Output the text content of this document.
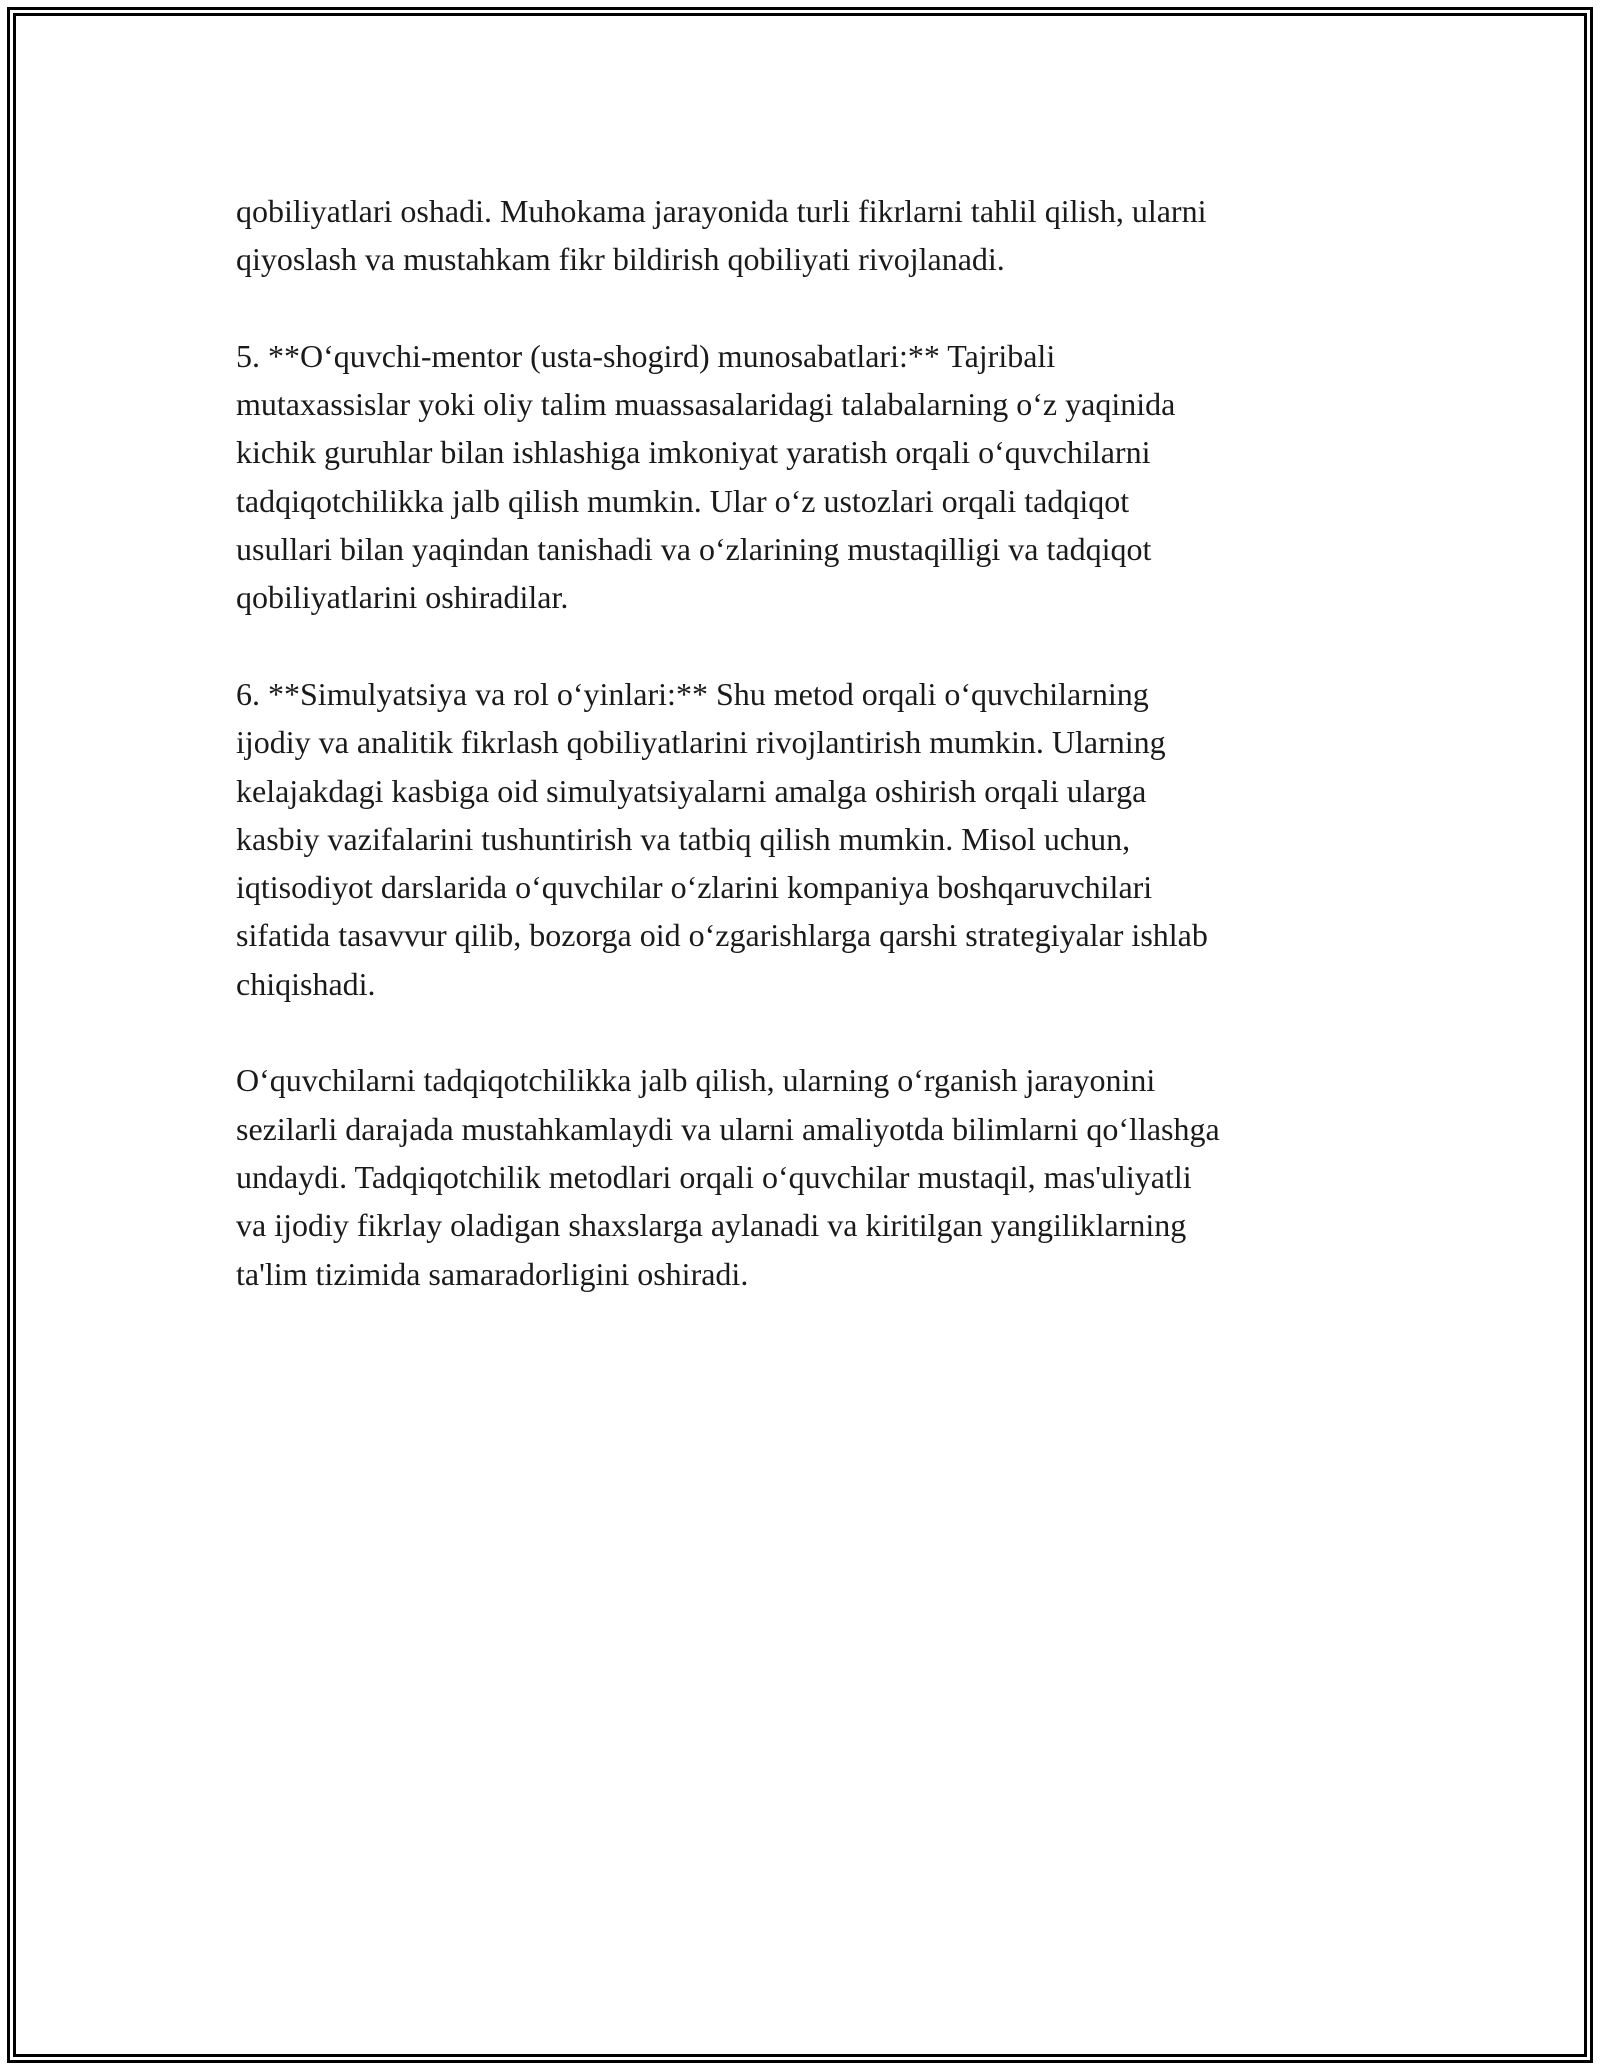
qobiliyatlari oshadi. Muhokama jarayonida turli fikrlarni tahlil qilish, ularni
qiyoslash va mustahkam fikr bildirish qobiliyati rivojlanadi.

5. **O‘quvchi-mentor (usta-shogird) munosabatlari:** Tajribali
mutaxassislar yoki oliy talim muassasalaridagi talabalarning o‘z yaqinida
kichik guruhlar bilan ishlashiga imkoniyat yaratish orqali o‘quvchilarni
tadqiqotchilikka jalb qilish mumkin. Ular o‘z ustozlari orqali tadqiqot
usullari bilan yaqindan tanishadi va o‘zlarining mustaqilligi va tadqiqot
qobiliyatlarini oshiradilar.

6. **Simulyatsiya va rol o‘yinlari:** Shu metod orqali o‘quvchilarning
ijodiy va analitik fikrlash qobiliyatlarini rivojlantirish mumkin. Ularning
kelajakdagi kasbiga oid simulyatsiyalarni amalga oshirish orqali ularga
kasbiy vazifalarini tushuntirish va tatbiq qilish mumkin. Misol uchun,
iqtisodiyot darslarida o‘quvchilar o‘zlarini kompaniya boshqaruvchilari
sifatida tasavvur qilib, bozorga oid o‘zgarishlarga qarshi strategiyalar ishlab
chiqishadi.

O‘quvchilarni tadqiqotchilikka jalb qilish, ularning o‘rganish jarayonini
sezilarli darajada mustahkamlaydi va ularni amaliyotda bilimlarni qo‘llashga
undaydi. Tadqiqotchilik metodlari orqali o‘quvchilar mustaqil, mas'uliyatli
va ijodiy fikrlay oladigan shaxslarga aylanadi va kiritilgan yangiliklarning
ta'lim tizimida samaradorligini oshiradi.
